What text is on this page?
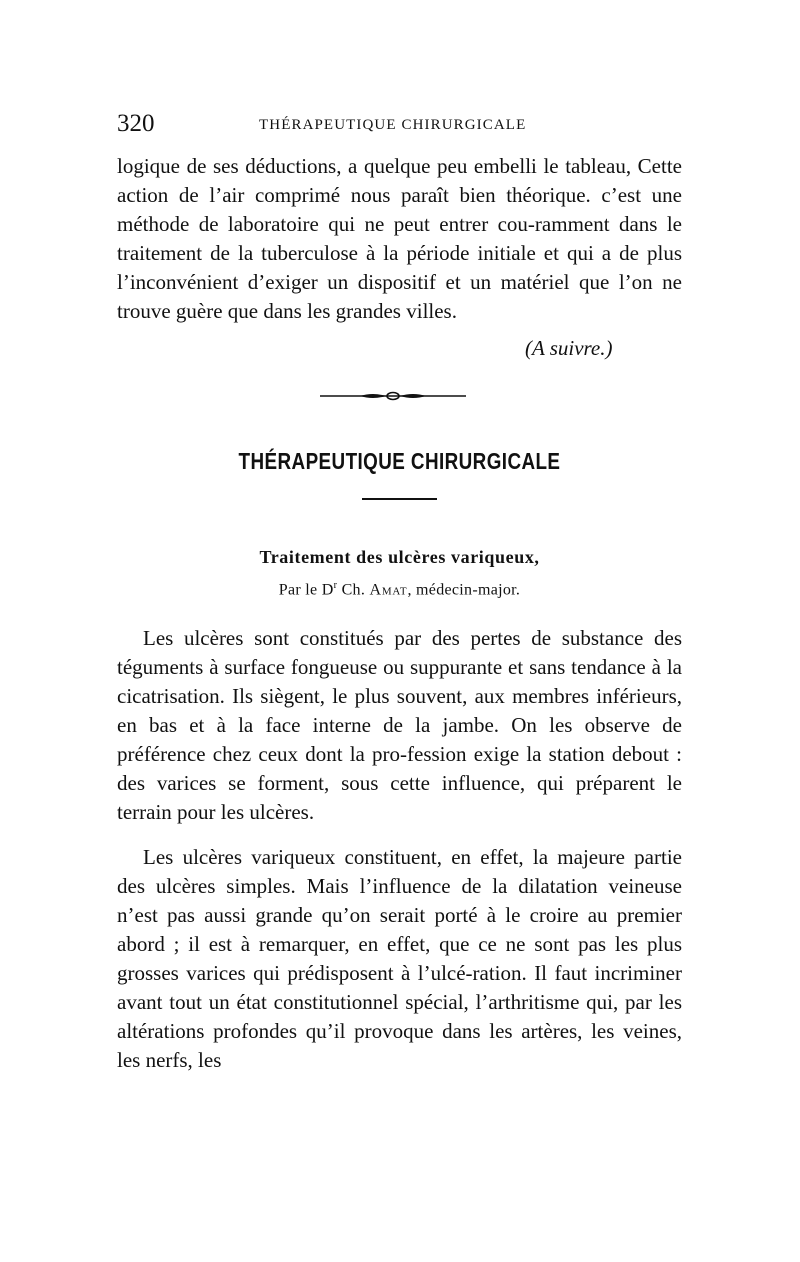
320	THÉRAPEUTIQUE CHIRURGICALE

logique de ses déductions, a quelque peu embelli le tableau, Cette action de l’air comprimé nous paraît bien théorique. c’est une méthode de laboratoire qui ne peut entrer cou-ramment dans le traitement de la tuberculose à la période initiale et qui a de plus l’inconvénient d’exiger un dispositif et un matériel que l’on ne trouve guère que dans les grandes villes.

(A suivre.)
THÉRAPEUTIQUE CHIRURGICALE
Traitement des ulcères variqueux,
Par le $D^r$ Ch. Amat, médecin-major.

Les ulcères sont constitués par des pertes de substance des téguments à surface fongueuse ou suppurante et sans tendance à la cicatrisation. Ils siègent, le plus souvent, aux membres inférieurs, en bas et à la face interne de la jambe. On les observe de préférence chez ceux dont la pro-fession exige la station debout : des varices se forment, sous cette influence, qui préparent le terrain pour les ulcères.

Les ulcères variqueux constituent, en effet, la majeure partie des ulcères simples. Mais l’influence de la dilatation veineuse n’est pas aussi grande qu’on serait porté à le croire au premier abord ; il est à remarquer, en effet, que ce ne sont pas les plus grosses varices qui prédisposent à l’ulcé-ration. Il faut incriminer avant tout un état constitutionnel spécial, l’arthritisme qui, par les altérations profondes qu’il provoque dans les artères, les veines, les nerfs, les
